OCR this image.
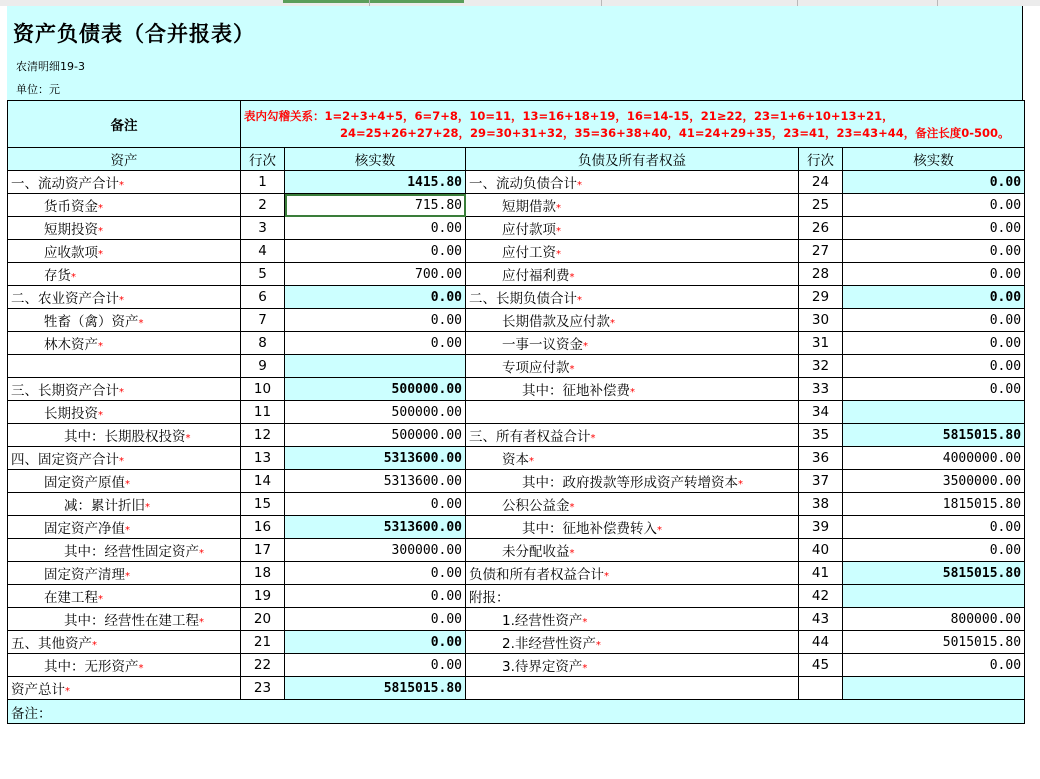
资产负债表（合并报表）
农清明细19-3
单位：元
备注	表内勾稽关系：1=2+3+4+5，6=7+8，10=11，13=16+18+19，16=14-15，21≥22，23=1+6+10+13+21，
24=25+26+27+28，29=30+31+32，35=36+38+40，41=24+29+35，23=41，23=43+44，备注长度0-500。				

资产	行次	核实数	负债及所有者权益	行次	核实数
一、流动资产合计*	1	1415.80	一、流动负债合计*	24	0.00
货币资金*	2	715.80	短期借款*	25	0.00
短期投资*	3	0.00	应付款项*	26	0.00
应收款项*	4	0.00	应付工资*	27	0.00
存货*	5	700.00	应付福利费*	28	0.00
二、农业资产合计*	6	0.00	二、长期负债合计*	29	0.00
牲畜（禽）资产*	7	0.00	长期借款及应付款*	30	0.00
林木资产*	8	0.00	一事一议资金*	31	0.00
	9		专项应付款*	32	0.00
三、长期资产合计*	10	500000.00	其中：征地补偿费*	33	0.00
长期投资*	11	500000.00		34	
其中：长期股权投资*	12	500000.00	三、所有者权益合计*	35	5815015.80
四、固定资产合计*	13	5313600.00	资本*	36	4000000.00
固定资产原值*	14	5313600.00	其中：政府拨款等形成资产转增资本*	37	3500000.00
减：累计折旧*	15	0.00	公积公益金*	38	1815015.80
固定资产净值*	16	5313600.00	其中：征地补偿费转入*	39	0.00
其中：经营性固定资产*	17	300000.00	未分配收益*	40	0.00
固定资产清理*	18	0.00	负债和所有者权益合计*	41	5815015.80
在建工程*	19	0.00	附报：	42	
其中：经营性在建工程*	20	0.00	1.经营性资产*	43	800000.00
五、其他资产*	21	0.00	2.非经营性资产*	44	5015015.80
其中：无形资产*	22	0.00	3.待界定资产*	45	0.00
资产总计*	23	5815015.80			
备注：					
